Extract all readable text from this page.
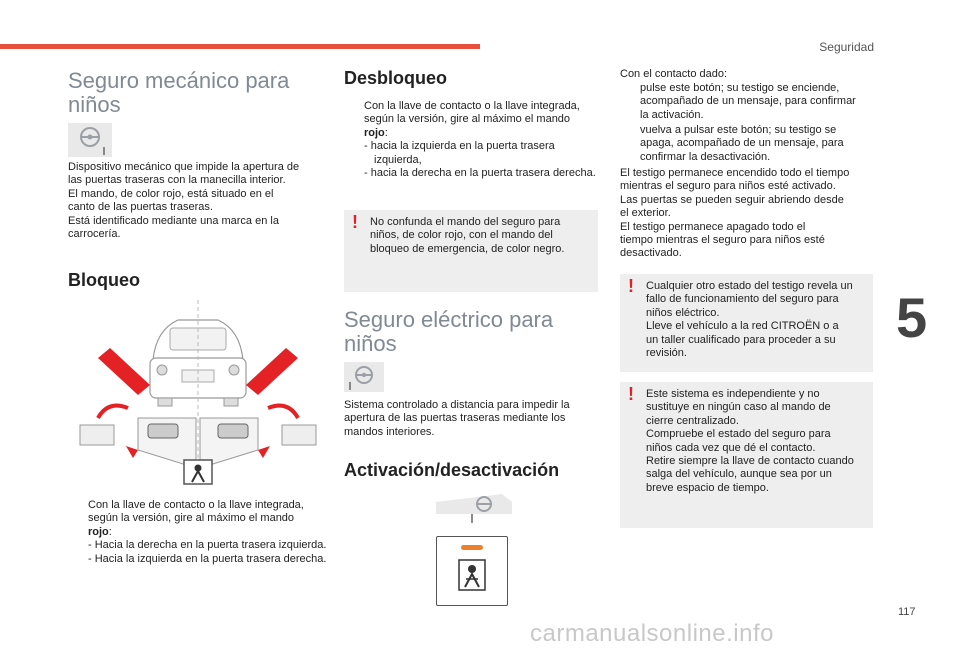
Seguridad
Seguro mecánico para
niños

Dispositivo mecánico que impide la apertura de
las puertas traseras con la manecilla interior.
El mando, de color rojo, está situado en el
canto de las puertas traseras.
Está identificado mediante una marca en la
carrocería.

Bloqueo
Con la llave de contacto o la llave integrada,
según la versión, gire al máximo el mando
rojo:
- Hacia la derecha en la puerta trasera izquierda.
- Hacia la izquierda en la puerta trasera derecha.
Desbloqueo
Con la llave de contacto o la llave integrada,
según la versión, gire al máximo el mando
rojo:
- hacia la izquierda en la puerta trasera izquierda,
- hacia la derecha en la puerta trasera derecha.
! No confunda el mando del seguro para
niños, de color rojo, con el mando del
bloqueo de emergencia, de color negro.

Seguro eléctrico para
niños

Sistema controlado a distancia para impedir la
apertura de las puertas traseras mediante los
mandos interiores.

Activación/desactivación

Con el contacto dado:

pulse este botón; su testigo se enciende,
acompañado de un mensaje, para confirmar
la activación.
vuelva a pulsar este botón; su testigo se
apaga, acompañado de un mensaje, para
confirmar la desactivación.

El testigo permanece encendido todo el tiempo
mientras el seguro para niños esté activado.
Las puertas se pueden seguir abriendo desde
el exterior.
El testigo permanece apagado todo el
tiempo mientras el seguro para niños esté
desactivado.

! Cualquier otro estado del testigo revela un
fallo de funcionamiento del seguro para
niños eléctrico.
Lleve el vehículo a la red CITROËN o a
un taller cualificado para proceder a su
revisión.

! Este sistema es independiente y no
sustituye en ningún caso al mando de
cierre centralizado.
Compruebe el estado del seguro para
niños cada vez que dé el contacto.
Retire siempre la llave de contacto cuando
salga del vehículo, aunque sea por un
breve espacio de tiempo.

5
117
carmanualsonline.info
